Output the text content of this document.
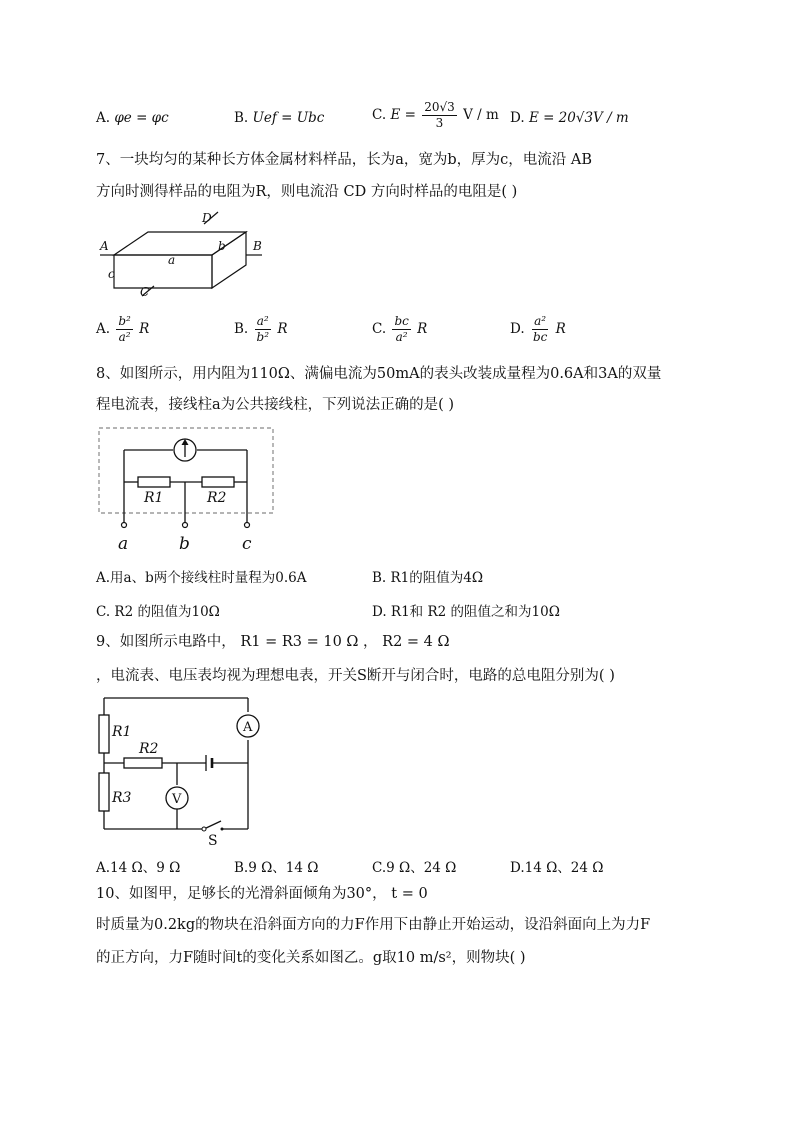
A. φe = φc	B. Uef = Ubc	C. $E = \frac{20√3}{3}$ V / m D. E = 20√3V / m
7、一块均匀的某种长方体金属材料样品，长为a，宽为b，厚为c，电流沿 AB
方向时测得样品的电阻为R，则电流沿 CD 方向时样品的电阻是( )
A	B
D
C
a
b
c
A. $\frac{\text{b²}}{\text{a²}}$ R	B. $\frac{\text{a²}}{\text{b²}}$ R	C. $\frac{bc}{\text{a²}}$ R	D. $\frac{\text{a²}}{bc}$ R
8、如图所示，用内阻为110Ω、满偏电流为50mA的表头改装成量程为0.6A和3A的双量
程电流表，接线柱a为公共接线柱，下列说法正确的是( )
R1	R2
a	b	c
A.用a、b两个接线柱时量程为0.6A	B. R1的阻值为4Ω
C. R2 的阻值为10Ω	D. R1和 R2 的阻值之和为10Ω
9、如图所示电路中， R1 = R3 = 10 Ω ， R2 = 4 Ω
，电流表、电压表均视为理想电表，开关S断开与闭合时，电路的总电阻分别为( )
R1
R2
R3
A
V
S
A.14 Ω、9 Ω	B.9 Ω、14 Ω	C.9 Ω、24 Ω	D.14 Ω、24 Ω
10、如图甲，足够长的光滑斜面倾角为30°， t = 0
时质量为0.2kg的物块在沿斜面方向的力F作用下由静止开始运动，设沿斜面向上为力F
的正方向，力F随时间t的变化关系如图乙。g取10 m/s²，则物块( )
